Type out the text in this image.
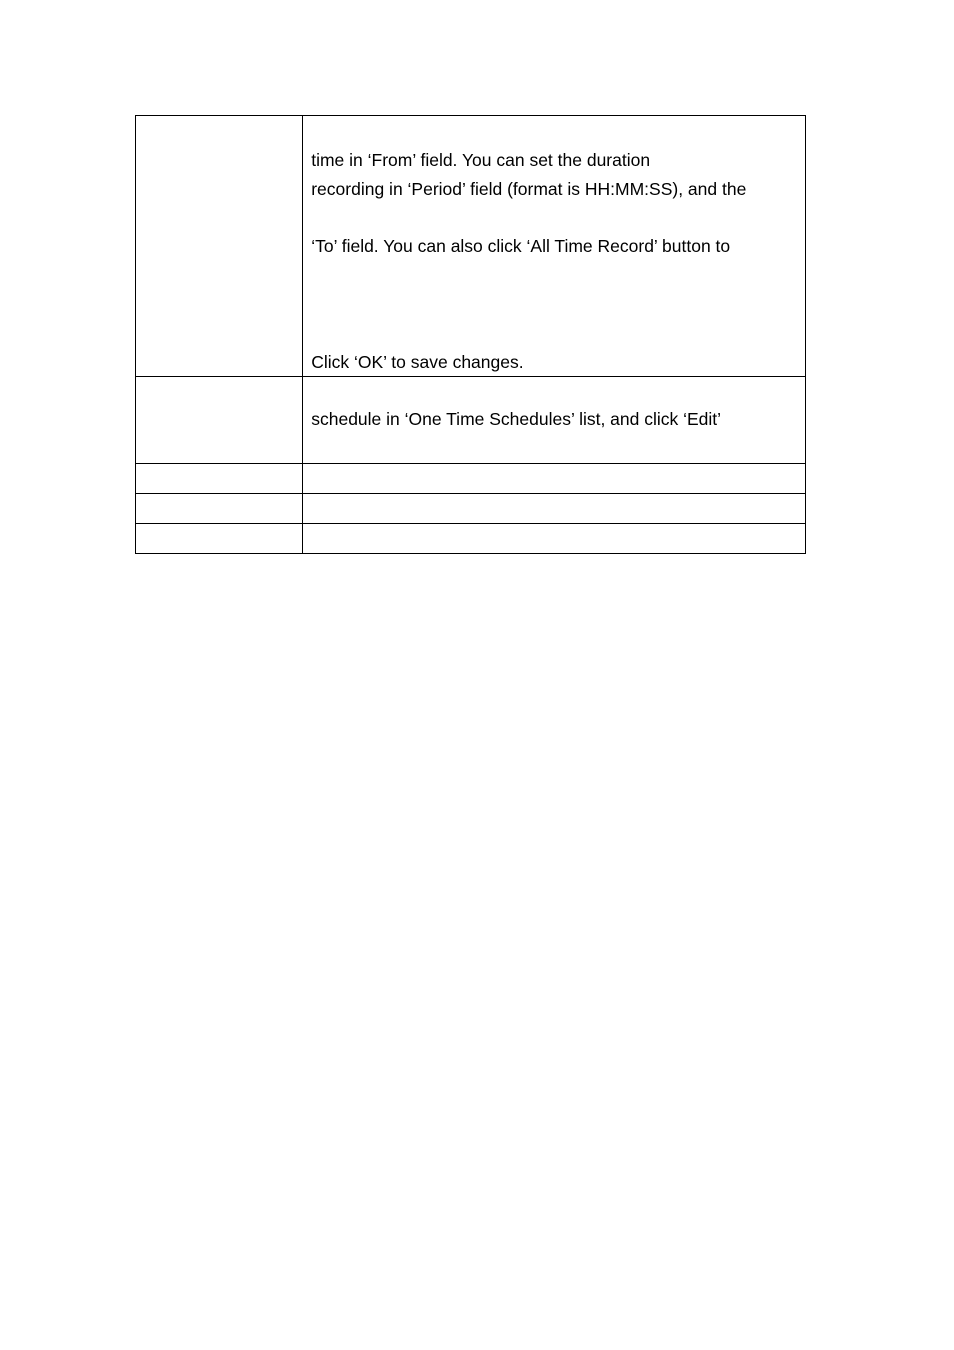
	time in ‘From’ field. You can set the duration
recording in ‘Period’ field (format is HH:MM:SS), and the
‘To’ field. You can also click ‘All Time Record’ button to
Click ‘OK’ to save changes.

	schedule in ‘One Time Schedules’ list, and click ‘Edit’
